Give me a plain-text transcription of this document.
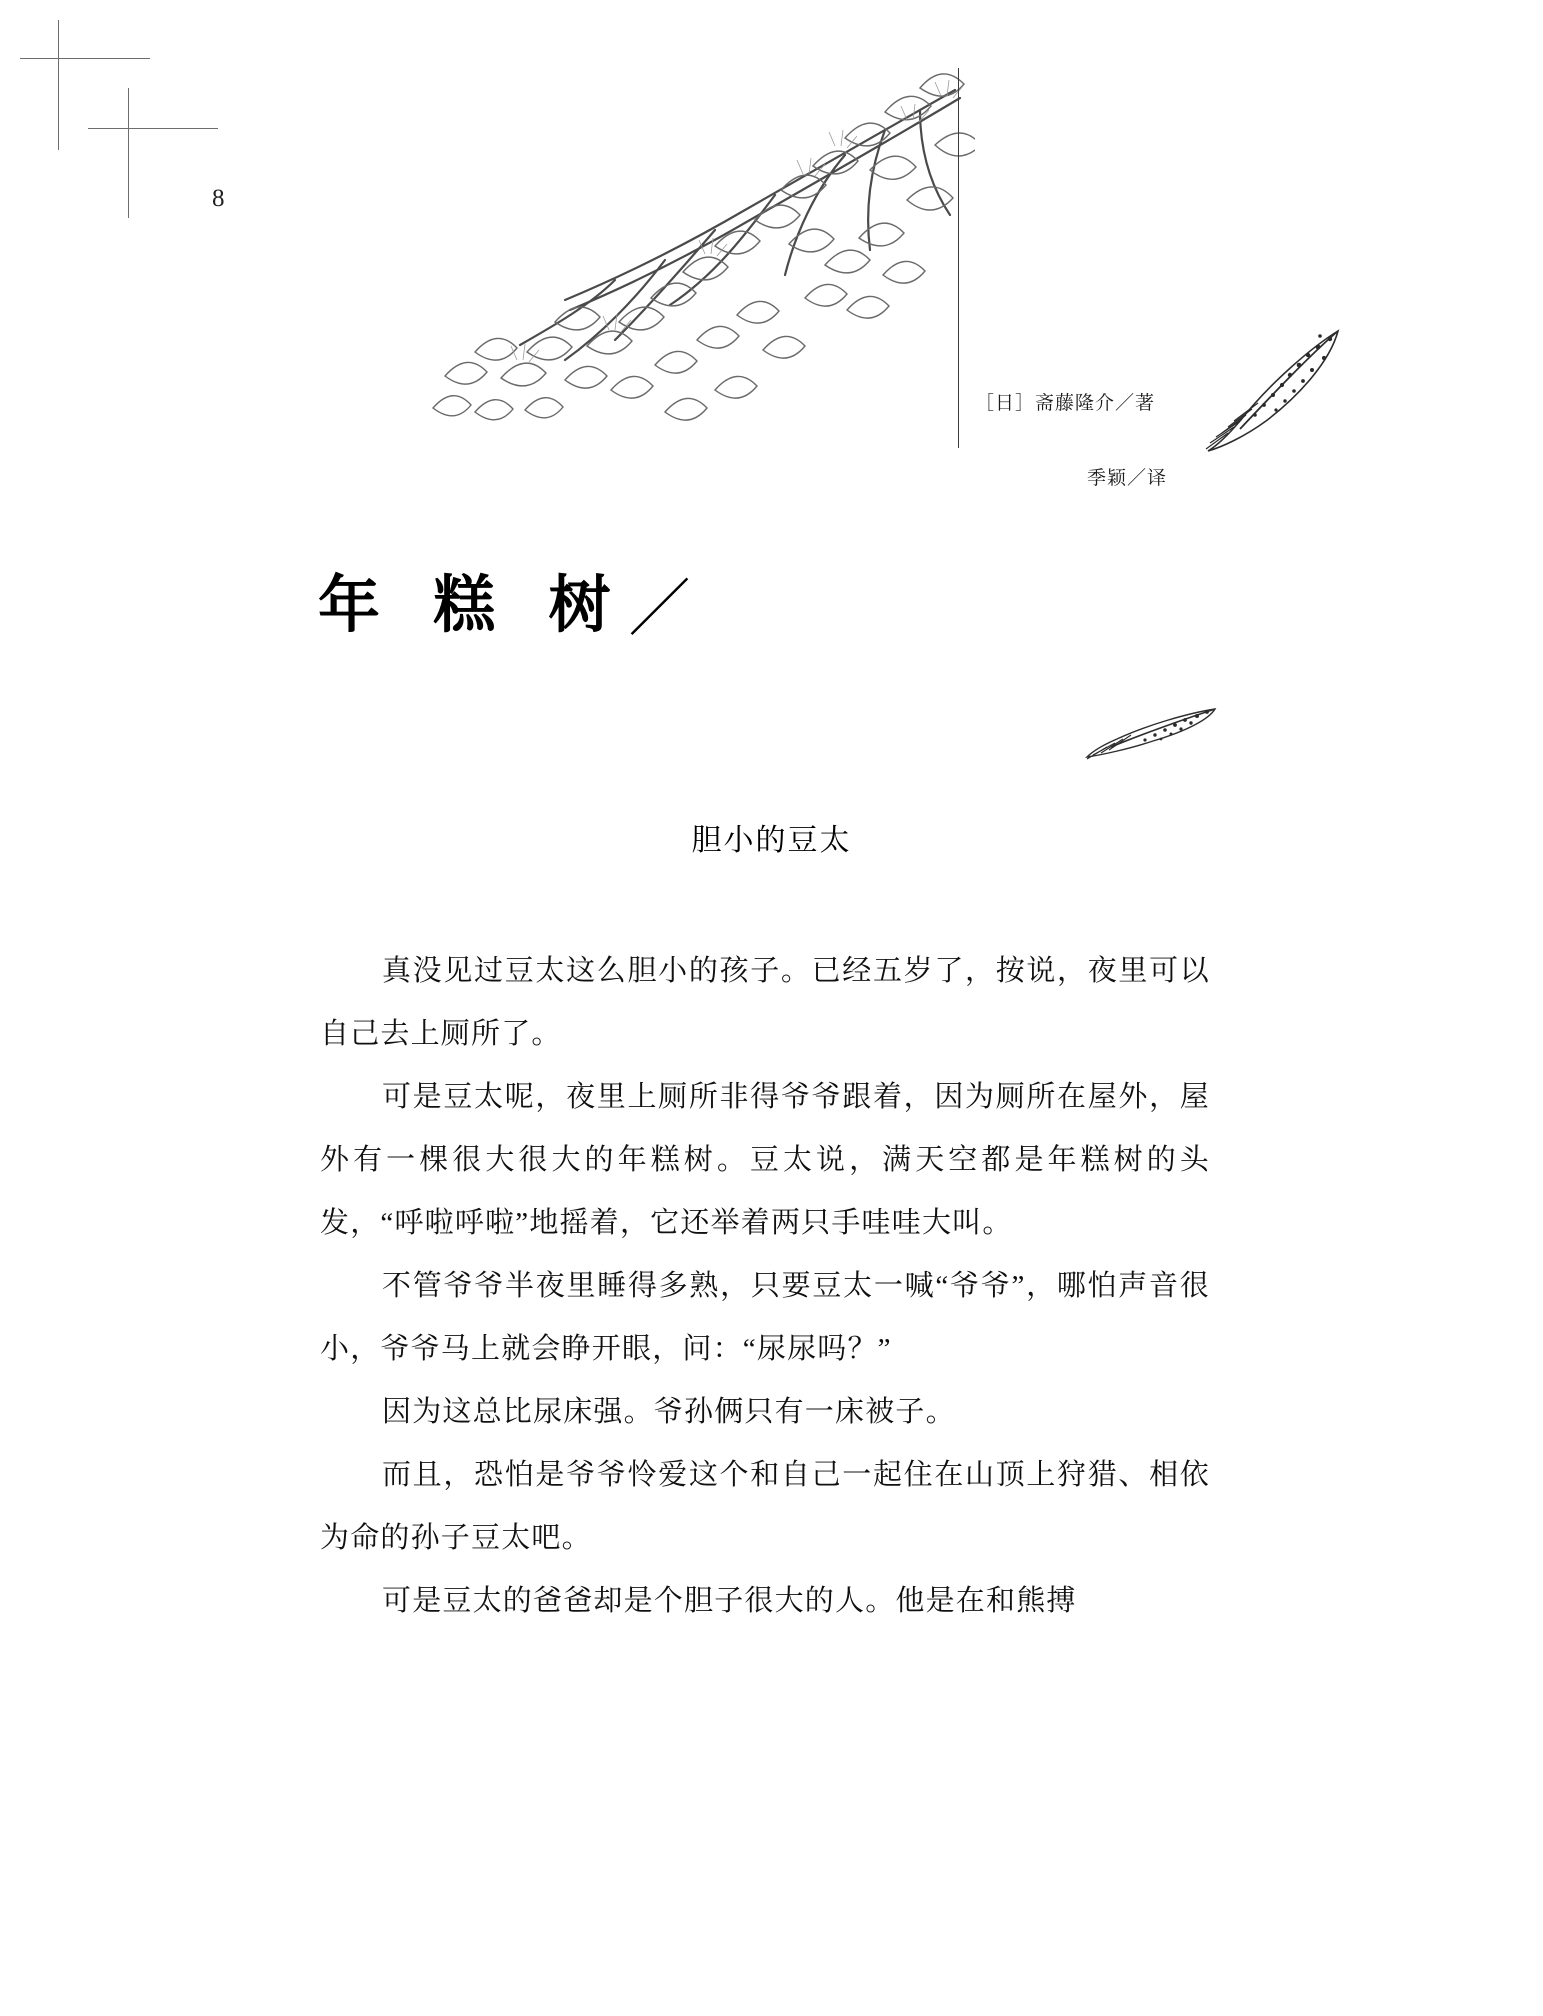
8
［日］斋藤隆介／著
季颖／译
年 糕 树／
胆小的豆太

真没见过豆太这么胆小的孩子。已经五岁了，按说，夜里可以自己去上厕所了。

可是豆太呢，夜里上厕所非得爷爷跟着，因为厕所在屋外，屋外有一棵很大很大的年糕树。豆太说，满天空都是年糕树的头发，“呼啦呼啦”地摇着，它还举着两只手哇哇大叫。

不管爷爷半夜里睡得多熟，只要豆太一喊“爷爷”，哪怕声音很小，爷爷马上就会睁开眼，问：“尿尿吗？”

因为这总比尿床强。爷孙俩只有一床被子。

而且，恐怕是爷爷怜爱这个和自己一起住在山顶上狩猎、相依为命的孙子豆太吧。

可是豆太的爸爸却是个胆子很大的人。他是在和熊搏
